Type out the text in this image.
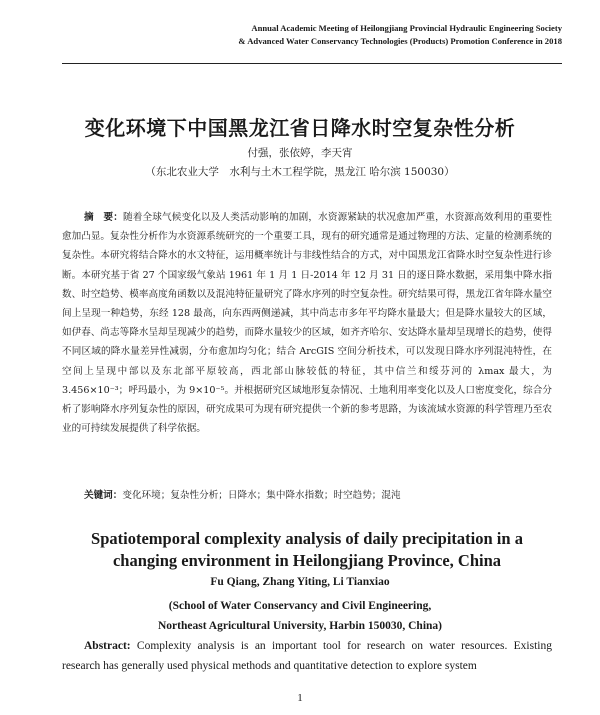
Annual Academic Meeting of Heilongjiang Provincial Hydraulic Engineering Society
& Advanced Water Conservancy Technologies (Products) Promotion Conference in 2018
变化环境下中国黑龙江省日降水时空复杂性分析
付强，张依婷，李天宵
（东北农业大学　水利与土木工程学院，黑龙江 哈尔滨 150030）

摘　要：随着全球气候变化以及人类活动影响的加剧，水资源紧缺的状况愈加严重，水资源高效利用的重要性愈加凸显。复杂性分析作为水资源系统研究的一个重要工具，现有的研究通常是通过物理的方法、定量的检测系统的复杂性。本研究将结合降水的水文特征，运用概率统计与非线性结合的方式，对中国黑龙江省降水时空复杂性进行诊断。本研究基于省 27 个国家级气象站 1961 年 1 月 1 日-2014 年 12 月 31 日的逐日降水数据，采用集中降水指数、时空趋势、模率高度角函数以及混沌特征量研究了降水序列的时空复杂性。研究结果可得，黑龙江省年降水量空间上呈现一种趋势，东经 128 最高，向东西两侧递减，其中尚志市多年平均降水量最大；但是降水量较大的区域，如伊春、尚志等降水呈却呈现减少的趋势，而降水量较少的区域，如齐齐哈尔、安达降水量却呈现增长的趋势，使得不同区域的降水量差异性减弱，分布愈加均匀化；结合 ArcGIS 空间分析技术，可以发现日降水序列混沌特性，在空间上呈现中部以及东北部平原较高，西北部山脉较低的特征，其中信兰和绥芬河的 λmax 最大，为 3.456×10⁻³；呼玛最小，为 9×10⁻⁵。并根据研究区域地形复杂情况、土地利用率变化以及人口密度变化，综合分析了影响降水序列复杂性的原因，研究成果可为现有研究提供一个新的参考思路，为该流域水资源的科学管理乃至农业的可持续发展提供了科学依据。

关键词：变化环境；复杂性分析；日降水；集中降水指数；时空趋势；混沌

Spatiotemporal complexity analysis of daily precipitation in a changing environment in Heilongjiang Province, China
Fu Qiang, Zhang Yiting, Li Tianxiao
(School of Water Conservancy and Civil Engineering,
Northeast Agricultural University, Harbin 150030, China)

Abstract: Complexity analysis is an important tool for research on water resources. Existing research has generally used physical methods and quantitative detection to explore system

1
